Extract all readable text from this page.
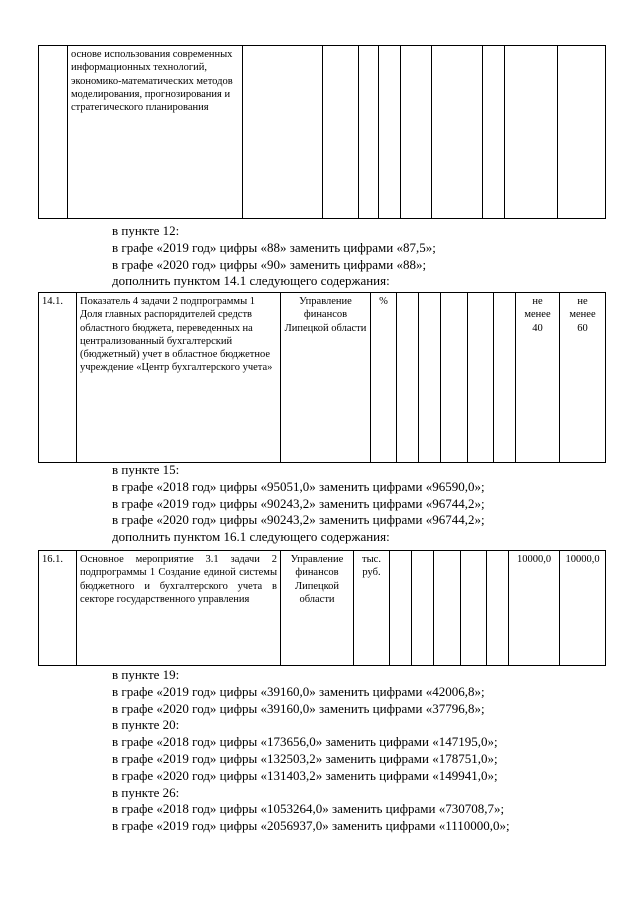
	основе использования современных информационных технологий, экономико-математических методов моделирования, прогнозирования и стратегического планирования									
в пункте 12:
в графе «2019 год» цифры «88» заменить цифрами «87,5»;
в графе «2020 год» цифры «90» заменить цифрами «88»;
дополнить пунктом 14.1 следующего содержания:
14.1.	Показатель 4 задачи 2 подпрограммы 1 Доля главных распорядителей средств областного бюджета, переведенных на централизованный бухгалтерский (бюджетный) учет в областное бюджетное учреждение «Центр бухгалтерского учета»	Управление финансов Липецкой области	%						не менее 40	не менее 60
в пункте 15:
в графе «2018 год» цифры «95051,0» заменить цифрами «96590,0»;
в графе «2019 год» цифры «90243,2» заменить цифрами «96744,2»;
в графе «2020 год» цифры «90243,2» заменить цифрами «96744,2»;
дополнить пунктом 16.1 следующего содержания:
16.1.	Основное мероприятие 3.1 задачи 2 подпрограммы 1 Создание единой системы бюджетного и бухгалтерского учета в секторе государственного управления	Управление финансов Липецкой области	тыс. руб.						10000,0	10000,0
в пункте 19:
в графе «2019 год» цифры «39160,0» заменить цифрами «42006,8»;
в графе «2020 год» цифры «39160,0» заменить цифрами «37796,8»;
в пункте 20:
в графе «2018 год» цифры «173656,0» заменить цифрами «147195,0»;
в графе «2019 год» цифры «132503,2» заменить цифрами «178751,0»;
в графе «2020 год» цифры «131403,2» заменить цифрами «149941,0»;
в пункте 26:
в графе «2018 год» цифры «1053264,0» заменить цифрами «730708,7»;
в графе «2019 год» цифры «2056937,0» заменить цифрами «1110000,0»;
